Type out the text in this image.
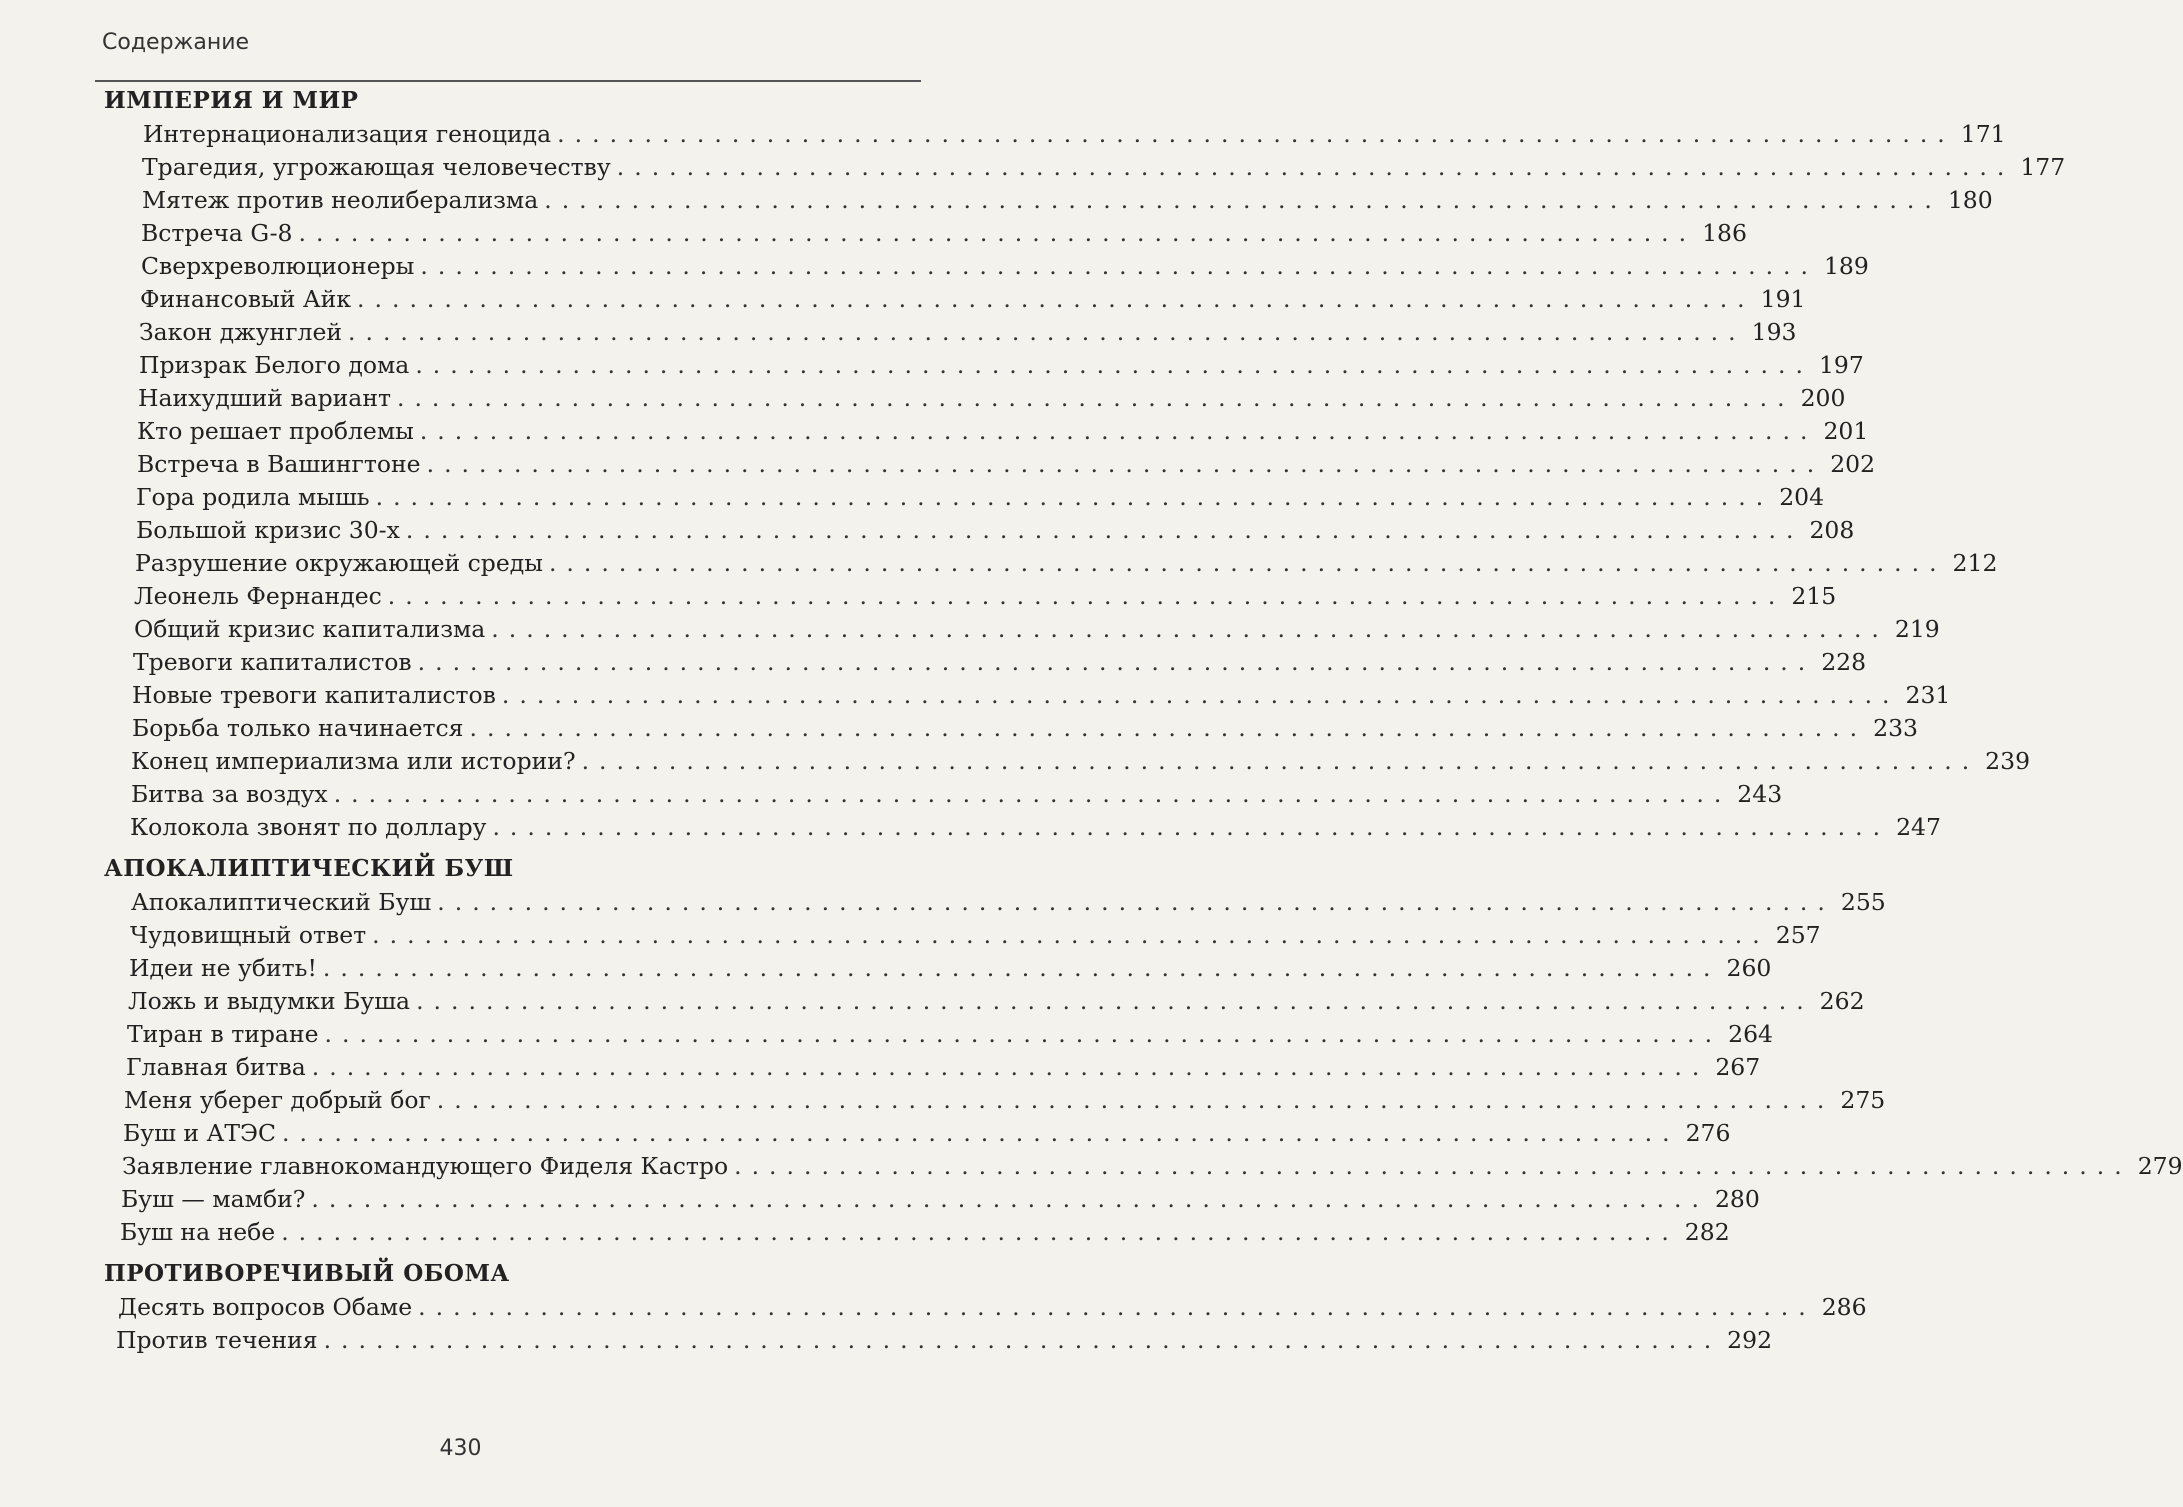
Содержание
ИМПЕРИЯ И МИР
Интернационализация геноцида ................................................................................ 171
Трагедия, угрожающая человечеству ................................................................................ 177
Мятеж против неолиберализма ................................................................................ 180
Встреча G-8 ................................................................................ 186
Сверхреволюционеры ................................................................................ 189
Финансовый Айк ................................................................................ 191
Закон джунглей ................................................................................ 193
Призрак Белого дома ................................................................................ 197
Наихудший вариант ................................................................................ 200
Кто решает проблемы ................................................................................ 201
Встреча в Вашингтоне ................................................................................ 202
Гора родила мышь ................................................................................ 204
Большой кризис 30-х ................................................................................ 208
Разрушение окружающей среды ................................................................................ 212
Леонель Фернандес ................................................................................ 215
Общий кризис капитализма ................................................................................ 219
Тревоги капиталистов ................................................................................ 228
Новые тревоги капиталистов ................................................................................ 231
Борьба только начинается ................................................................................ 233
Конец империализма или истории? ................................................................................ 239
Битва за воздух ................................................................................ 243
Колокола звонят по доллару ................................................................................ 247
АПОКАЛИПТИЧЕСКИЙ БУШ
Апокалиптический Буш ................................................................................ 255
Чудовищный ответ ................................................................................ 257
Идеи не убить! ................................................................................ 260
Ложь и выдумки Буша ................................................................................ 262
Тиран в тиране ................................................................................ 264
Главная битва ................................................................................ 267
Меня уберег добрый бог ................................................................................ 275
Буш и АТЭС ................................................................................ 276
Заявление главнокомандующего Фиделя Кастро ................................................................................ 279
Буш — мамби? ................................................................................ 280
Буш на небе ................................................................................ 282
ПРОТИВОРЕЧИВЫЙ ОБОМА
Десять вопросов Обаме ................................................................................ 286
Против течения ................................................................................ 292
430
